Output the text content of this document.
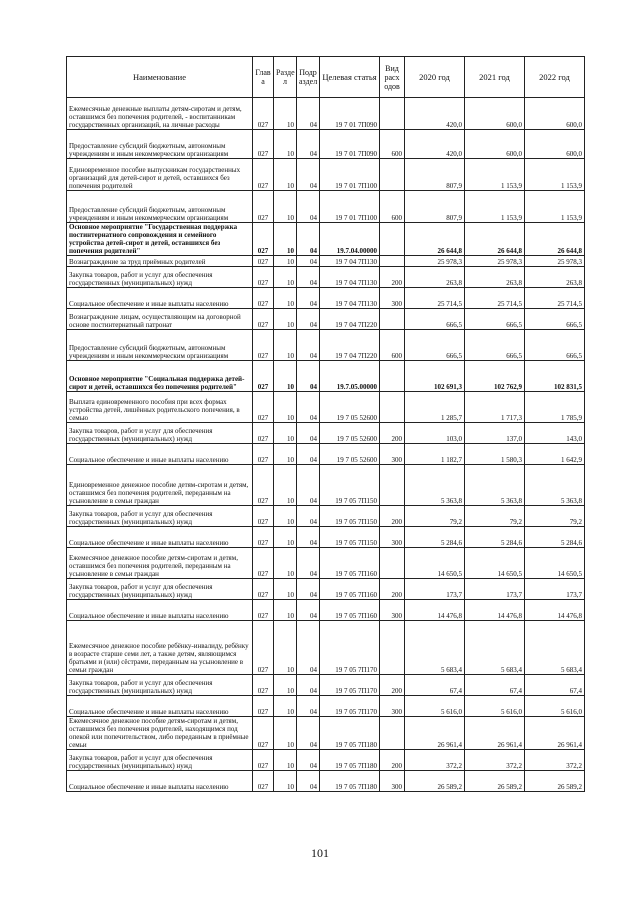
Наименование	Глав а	Разде л	Подр аздел	Целевая статья	Вид расх одов	2020 год	2021 год	2022 год
Ежемесячные денежные выплаты детям-сиротам и детям, оставшимся без попечения родителей, - воспитанникам государственных организаций, на личные расходы	027	10	04	19 7 01 7П090		420,0	600,0	600,0
Предоставление субсидий бюджетным, автономным учреждениям и иным некоммерческим организациям	027	10	04	19 7 01 7П090	600	420,0	600,0	600,0
Единовременное пособие выпускникам государственных организаций для детей-сирот и детей, оставшихся без попечения родителей	027	10	04	19 7 01 7П100		807,9	1 153,9	1 153,9
Предоставление субсидий бюджетным, автономным учреждениям и иным некоммерческим организациям	027	10	04	19 7 01 7П100	600	807,9	1 153,9	1 153,9
Основное мероприятие "Государственная поддержка постинтернатного сопровождения и семейного устройства детей-сирот и детей, оставшихся без попечения родителей"	027	10	04	19.7.04.00000		26 644,8	26 644,8	26 644,8
Вознаграждение за труд приёмных родителей	027	10	04	19 7 04 7П130		25 978,3	25 978,3	25 978,3
Закупка товаров, работ и услуг для обеспечения государственных (муниципальных) нужд	027	10	04	19 7 04 7П130	200	263,8	263,8	263,8
Социальное обеспечение и иные выплаты населению	027	10	04	19 7 04 7П130	300	25 714,5	25 714,5	25 714,5
Вознаграждение лицам, осуществляющим на договорной основе постинтернатный патронат	027	10	04	19 7 04 7П220		666,5	666,5	666,5
Предоставление субсидий бюджетным, автономным учреждениям и иным некоммерческим организациям	027	10	04	19 7 04 7П220	600	666,5	666,5	666,5
Основное мероприятие "Социальная поддержка детей-сирот и детей, оставшихся без попечения родителей"	027	10	04	19.7.05.00000		102 691,3	102 762,9	102 831,5
Выплата единовременного пособия при всех формах устройства детей, лишённых родительского попечения, в семью	027	10	04	19 7 05 52600		1 285,7	1 717,3	1 785,9
Закупка товаров, работ и услуг для обеспечения государственных (муниципальных) нужд	027	10	04	19 7 05 52600	200	103,0	137,0	143,0
Социальное обеспечение и иные выплаты населению	027	10	04	19 7 05 52600	300	1 182,7	1 580,3	1 642,9
Единовременное денежное пособие детям-сиротам и детям, оставшимся без попечения родителей, переданным на усыновление в семьи граждан	027	10	04	19 7 05 7П150		5 363,8	5 363,8	5 363,8
Закупка товаров, работ и услуг для обеспечения государственных (муниципальных) нужд	027	10	04	19 7 05 7П150	200	79,2	79,2	79,2
Социальное обеспечение и иные выплаты населению	027	10	04	19 7 05 7П150	300	5 284,6	5 284,6	5 284,6
Ежемесячное денежное пособие детям-сиротам и детям, оставшимся без попечения родителей, переданным на усыновление в семьи граждан	027	10	04	19 7 05 7П160		14 650,5	14 650,5	14 650,5
Закупка товаров, работ и услуг для обеспечения государственных (муниципальных) нужд	027	10	04	19 7 05 7П160	200	173,7	173,7	173,7
Социальное обеспечение и иные выплаты населению	027	10	04	19 7 05 7П160	300	14 476,8	14 476,8	14 476,8
Ежемесячное денежное пособие ребёнку-инвалиду, ребёнку в возрасте старше семи лет, а также детям, являющимся братьями и (или) сёстрами, переданным на усыновление в семьи граждан	027	10	04	19 7 05 7П170		5 683,4	5 683,4	5 683,4
Закупка товаров, работ и услуг для обеспечения государственных (муниципальных) нужд	027	10	04	19 7 05 7П170	200	67,4	67,4	67,4
Социальное обеспечение и иные выплаты населению	027	10	04	19 7 05 7П170	300	5 616,0	5 616,0	5 616,0
Ежемесячное денежное пособие детям-сиротам и детям, оставшимся без попечения родителей, находящимся под опекой или попечительством, либо переданным в приёмные семьи	027	10	04	19 7 05 7П180		26 961,4	26 961,4	26 961,4
Закупка товаров, работ и услуг для обеспечения государственных (муниципальных) нужд	027	10	04	19 7 05 7П180	200	372,2	372,2	372,2
Социальное обеспечение и иные выплаты населению	027	10	04	19 7 05 7П180	300	26 589,2	26 589,2	26 589,2
101
